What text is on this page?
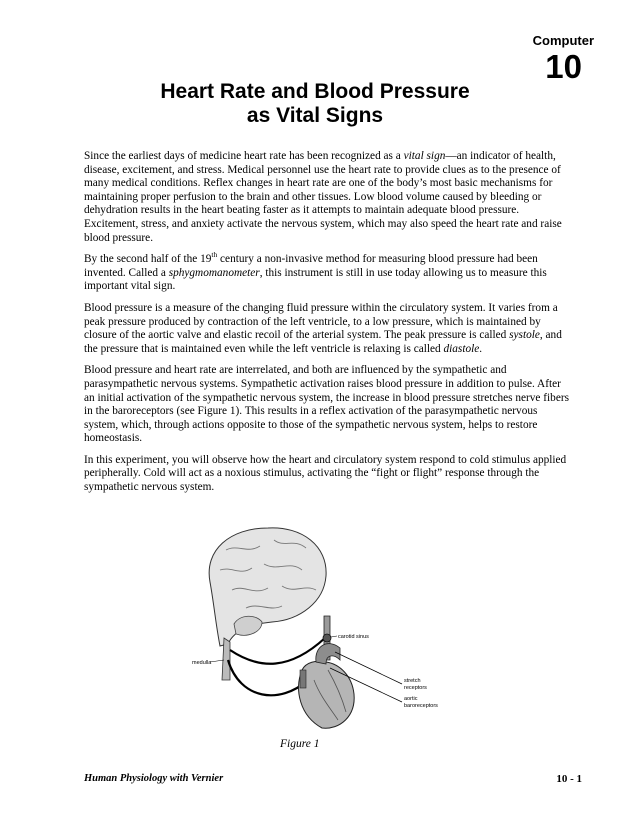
Computer
10
Heart Rate and Blood Pressure
as Vital Signs

Since the earliest days of medicine heart rate has been recognized as a vital sign—an indicator of health, disease, excitement, and stress. Medical personnel use the heart rate to provide clues as to the presence of many medical conditions. Reflex changes in heart rate are one of the body’s most basic mechanisms for maintaining proper perfusion to the brain and other tissues. Low blood volume caused by bleeding or dehydration results in the heart beating faster as it attempts to maintain adequate blood pressure. Excitement, stress, and anxiety activate the nervous system, which may also speed the heart rate and raise blood pressure.

By the second half of the 19th century a non-invasive method for measuring blood pressure had been invented. Called a sphygmomanometer, this instrument is still in use today allowing us to measure this important vital sign.

Blood pressure is a measure of the changing fluid pressure within the circulatory system. It varies from a peak pressure produced by contraction of the left ventricle, to a low pressure, which is maintained by closure of the aortic valve and elastic recoil of the arterial system. The peak pressure is called systole, and the pressure that is maintained even while the left ventricle is relaxing is called diastole.

Blood pressure and heart rate are interrelated, and both are influenced by the sympathetic and parasympathetic nervous systems. Sympathetic activation raises blood pressure in addition to pulse. After an initial activation of the sympathetic nervous system, the increase in blood pressure stretches nerve fibers in the baroreceptors (see Figure 1). This results in a reflex activation of the parasympathetic nervous system, which, through actions opposite to those of the sympathetic nervous system, helps to restore homeostasis.

In this experiment, you will observe how the heart and circulatory system respond to cold stimulus applied peripherally. Cold will act as a noxious stimulus, activating the “fight or flight” response through the sympathetic nervous system.

medulla
carotid sinus
stretch
receptors
aortic
baroreceptors
Figure 1
Human Physiology with Vernier	10 - 1
